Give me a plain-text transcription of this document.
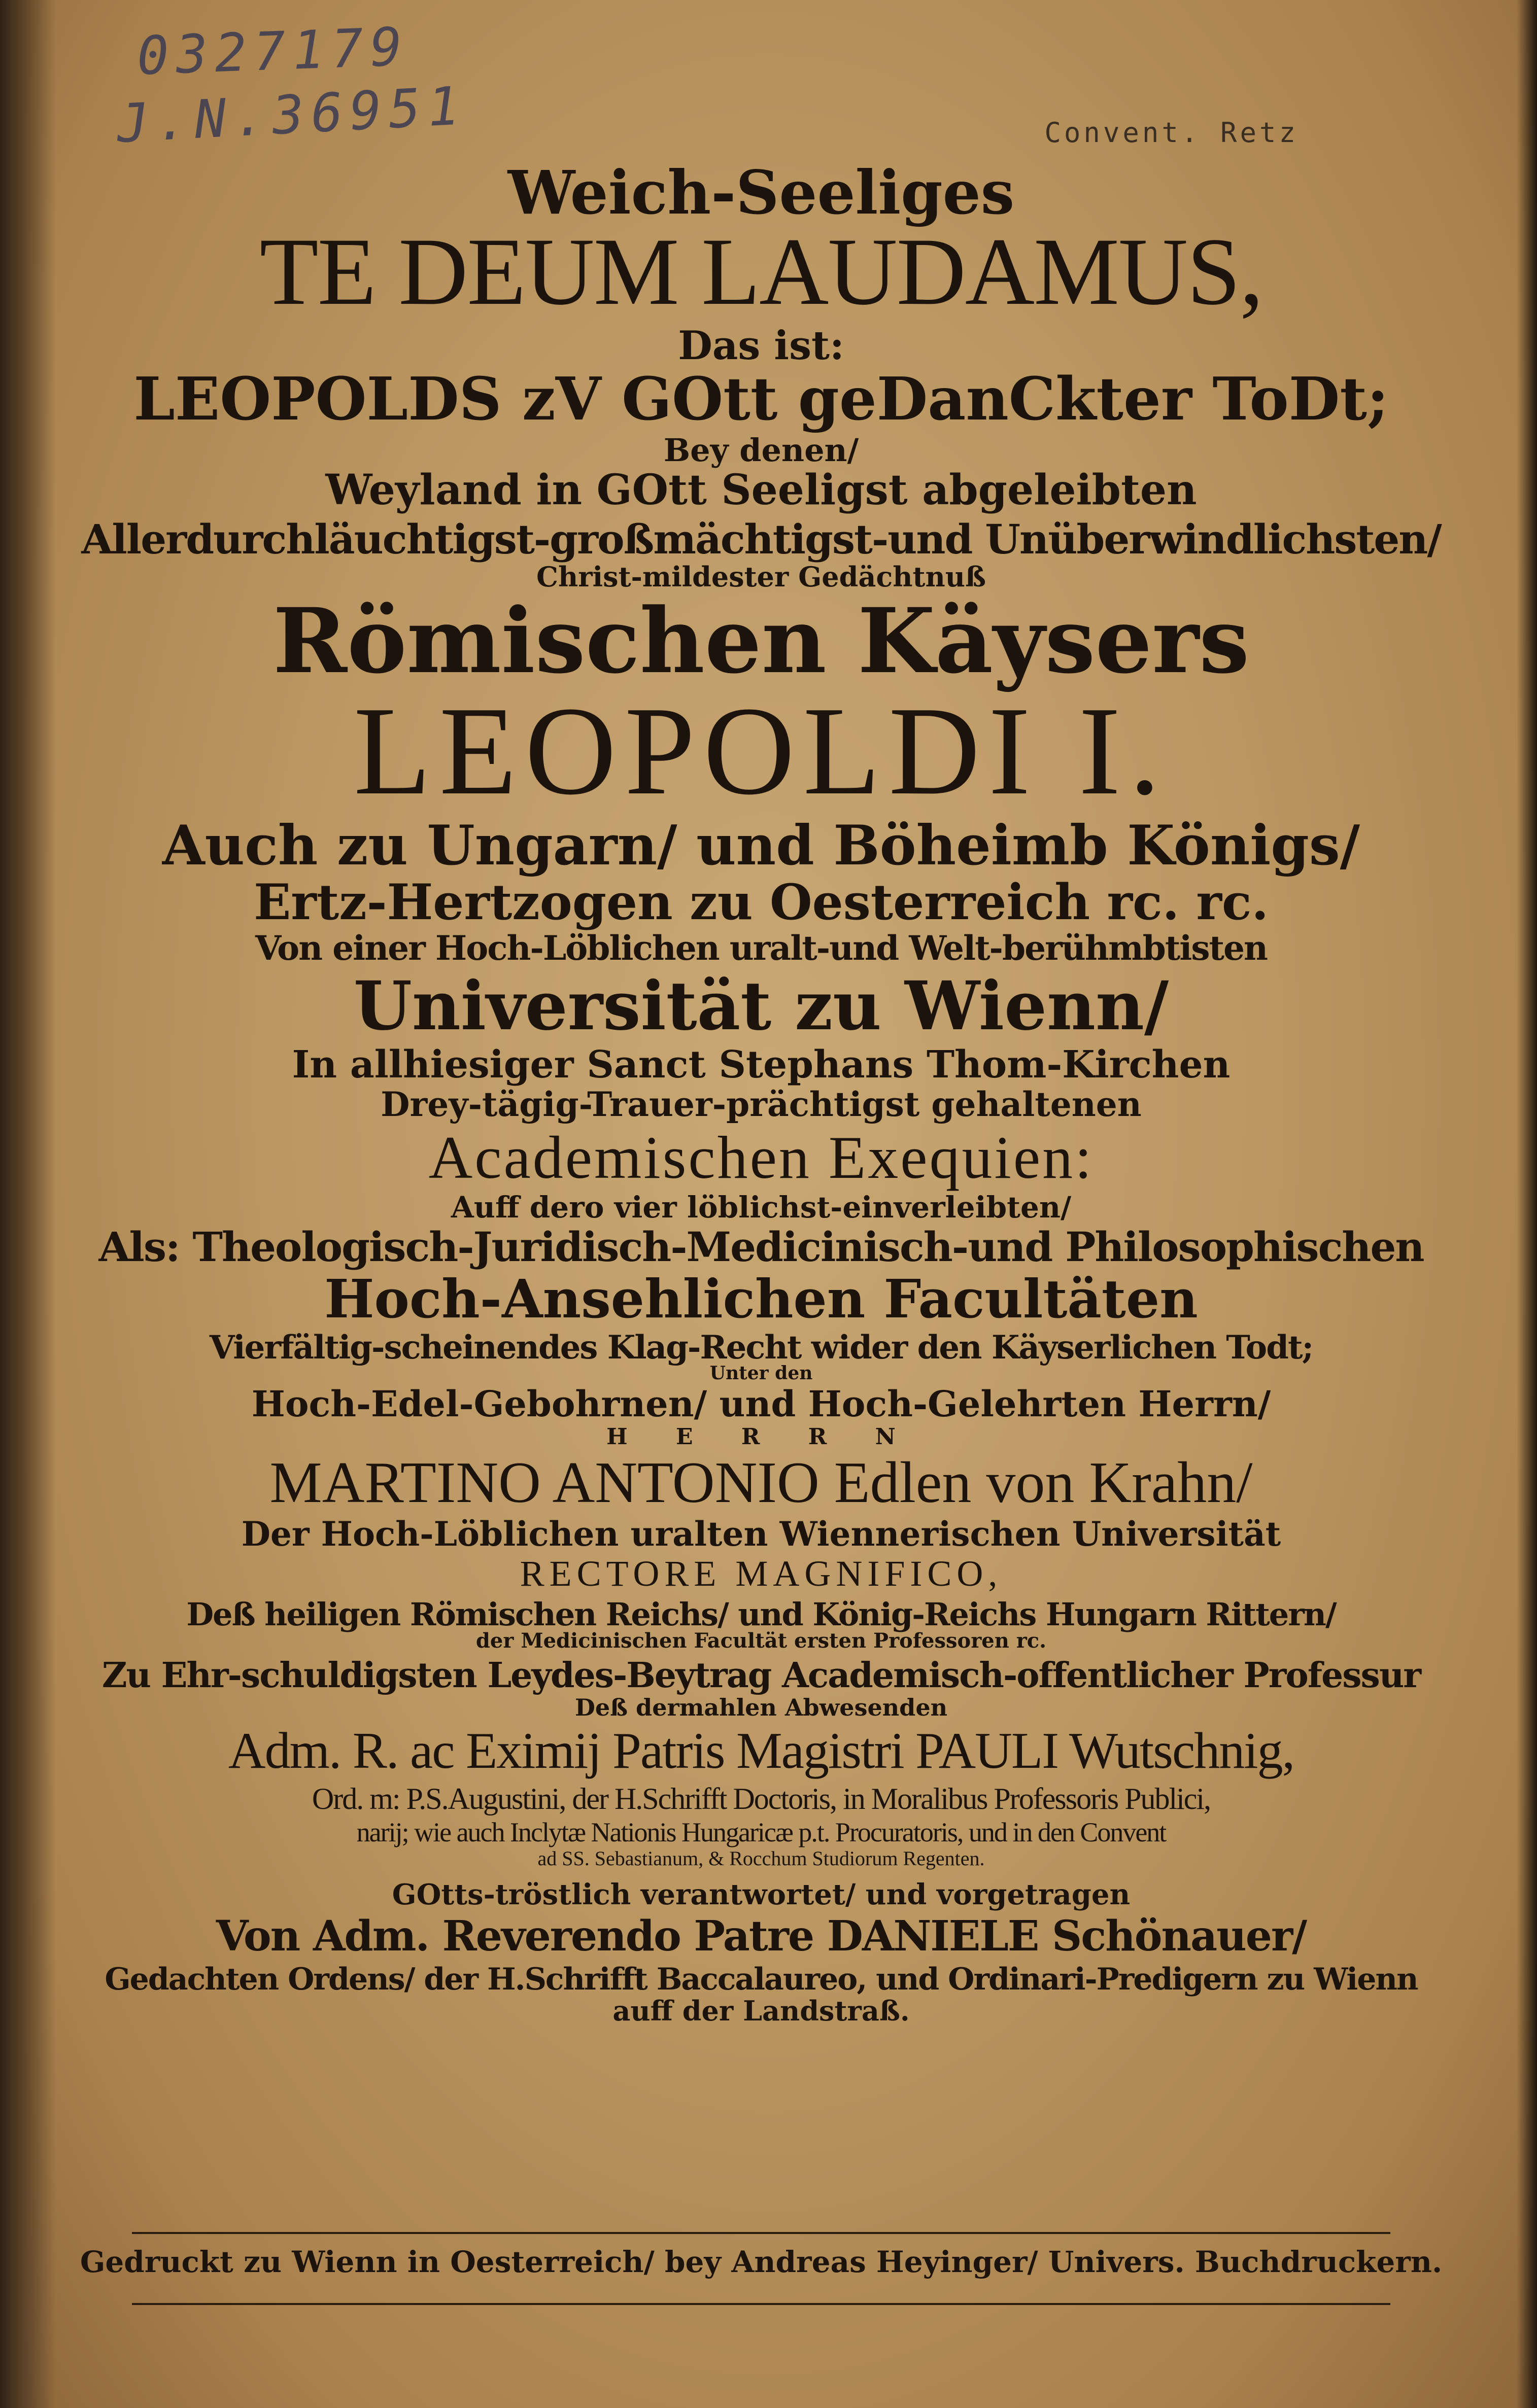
0327179
J.N.36951	Convent. Retz
Weich-Seeliges
TE DEUM LAUDAMUS,
Das ist:
LEOPOLDS zV GOtt geDanCkter ToDt;
Bey denen/
Weyland in GOtt Seeligst abgeleibten
Allerdurchläuchtigst-großmächtigst-und Unüberwindlichsten/
Christ-mildester Gedächtnuß
Römischen Käysers
LEOPOLDI I.
Auch zu Ungarn/ und Böheimb Königs/
Ertz-Hertzogen zu Oesterreich rc. rc.
Von einer Hoch-Löblichen uralt-und Welt-berühmbtisten
Universität zu Wienn/
In allhiesiger Sanct Stephans Thom-Kirchen
Drey-tägig-Trauer-prächtigst gehaltenen
Academischen Exequien:
Auff dero vier löblichst-einverleibten/
Als: Theologisch-Juridisch-Medicinisch-und Philosophischen
Hoch-Ansehlichen Facultäten
Vierfältig-scheinendes Klag-Recht wider den Käyserlichen Todt;
Unter den
Hoch-Edel-Gebohrnen/ und Hoch-Gelehrten Herrn/
H E R R N
MARTINO ANTONIO Edlen von Krahn/
Der Hoch-Löblichen uralten Wiennerischen Universität
RECTORE MAGNIFICO,
Deß heiligen Römischen Reichs/ und König-Reichs Hungarn Rittern/
der Medicinischen Facultät ersten Professoren rc.
Zu Ehr-schuldigsten Leydes-Beytrag Academisch-offentlicher Professur
Deß dermahlen Abwesenden
Adm. R. ac Eximij Patris Magistri PAULI Wutschnig,
Ord. m: P.S.Augustini, der H.Schrifft Doctoris, in Moralibus Professoris Publici,
narij; wie auch Inclytæ Nationis Hungaricæ p.t. Procuratoris, und in den Convent
ad SS. Sebastianum, & Rocchum Studiorum Regenten.
GOtts-tröstlich verantwortet/ und vorgetragen
Von Adm. Reverendo Patre DANIELE Schönauer/
Gedachten Ordens/ der H.Schrifft Baccalaureo, und Ordinari-Predigern zu Wienn
auff der Landstraß.
Gedruckt zu Wienn in Oesterreich/ bey Andreas Heyinger/ Univers. Buchdruckern.
